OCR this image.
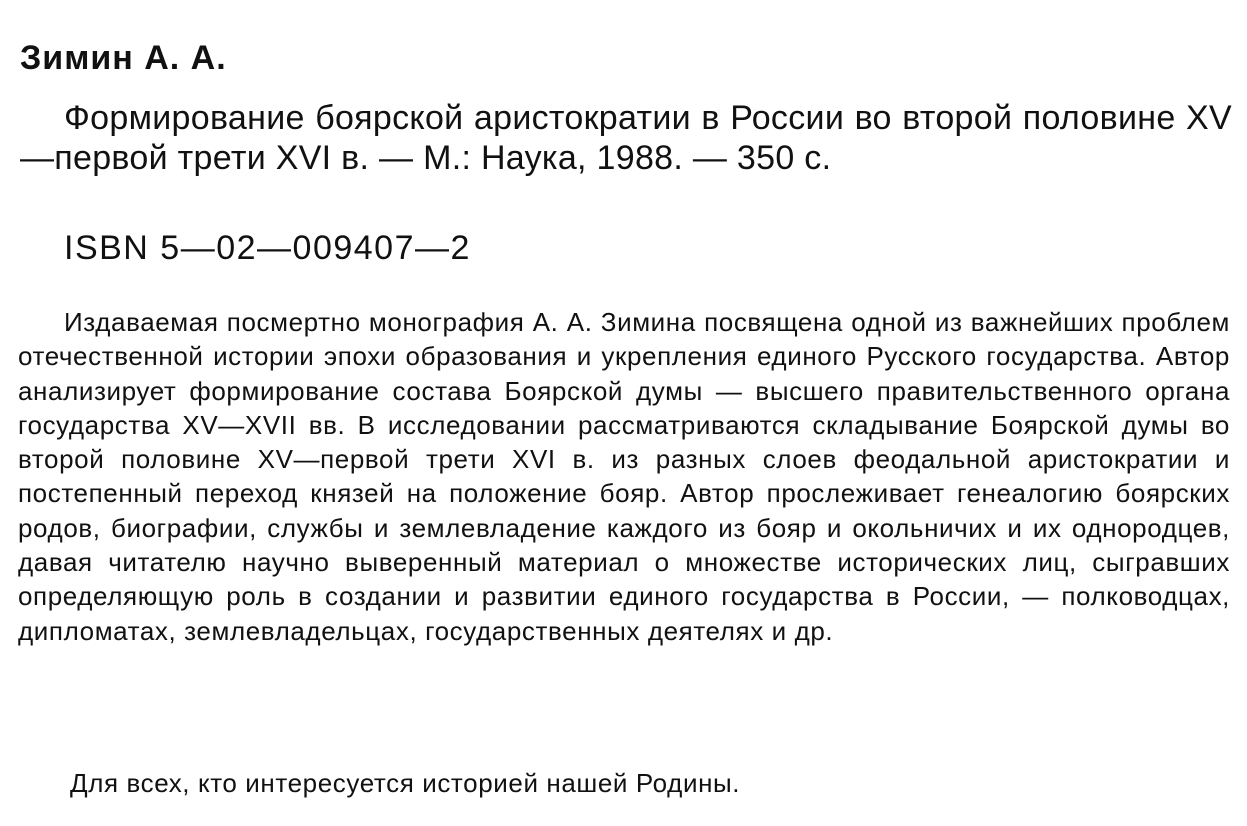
Зимин А. А.

Формирование боярской аристократии в России во второй половине XV—первой трети XVI в. — М.: Наука, 1988. — 350 с.

ISBN 5—02—009407—2

Издаваемая посмертно монография А. А. Зимина посвящена одной из важнейших проблем отечественной истории эпохи образования и укрепления единого Русского государства. Автор анализирует формирование состава Боярской думы — высшего правительственного органа государства XV—XVII вв. В исследовании рассматриваются складывание Боярской думы во второй половине XV—первой трети XVI в. из разных слоев феодальной аристократии и постепенный переход князей на положение бояр. Автор прослеживает генеалогию боярских родов, биографии, службы и землевладение каждого из бояр и окольничих и их однородцев, давая читателю научно выверенный материал о множестве исторических лиц, сыгравших определяющую роль в создании и развитии единого государства в России, — полководцах, дипломатах, землевладельцах, государственных деятелях и др.

Для всех, кто интересуется историей нашей Родины.
